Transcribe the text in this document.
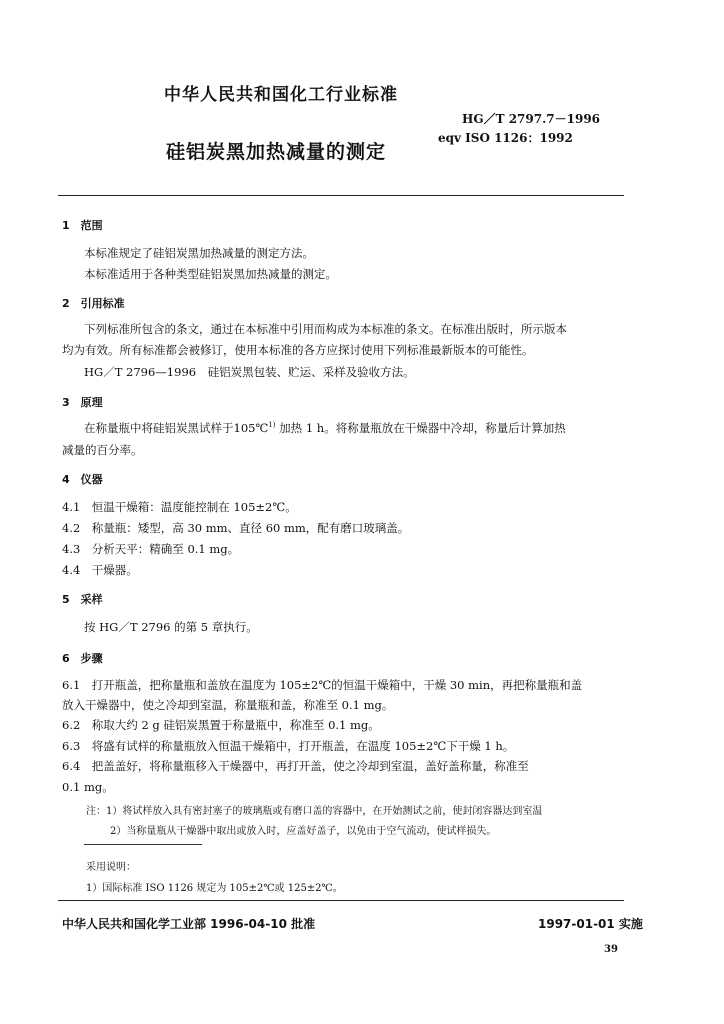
中华人民共和国化工行业标准
HG／T 2797.7－1996
eqv ISO 1126：1992
硅铝炭黑加热减量的测定
1　范围
本标准规定了硅铝炭黑加热减量的测定方法。
本标准适用于各种类型硅铝炭黑加热减量的测定。
2　引用标准
下列标准所包含的条文，通过在本标准中引用而构成为本标准的条文。在标准出版时，所示版本
均为有效。所有标准都会被修订，使用本标准的各方应探讨使用下列标准最新版本的可能性。
HG／T 2796—1996　硅铝炭黑包装、贮运、采样及验收方法。
3　原理
在称量瓶中将硅铝炭黑试样于105℃$^{1)}$ 加热 1 h。将称量瓶放在干燥器中冷却，称量后计算加热
减量的百分率。
4　仪器
4.1　恒温干燥箱：温度能控制在 105±2℃。
4.2　称量瓶：矮型，高 30 mm、直径 60 mm，配有磨口玻璃盖。
4.3　分析天平：精确至 0.1 mg。
4.4　干燥器。
5　采样
按 HG／T 2796 的第 5 章执行。
6　步骤
6.1　打开瓶盖，把称量瓶和盖放在温度为 105±2℃的恒温干燥箱中，干燥 30 min，再把称量瓶和盖
放入干燥器中，使之冷却到室温，称量瓶和盖，称准至 0.1 mg。
6.2　称取大约 2 g 硅铝炭黑置于称量瓶中，称准至 0.1 mg。
6.3　将盛有试样的称量瓶放入恒温干燥箱中，打开瓶盖，在温度 105±2℃下干燥 1 h。
6.4　把盖盖好，将称量瓶移入干燥器中，再打开盖，使之冷却到室温，盖好盖称量，称准至
0.1 mg。
注：1）将试样放入具有密封塞子的玻璃瓶或有磨口盖的容器中，在开始测试之前，使封闭容器达到室温
2）当称量瓶从干燥器中取出或放入时，应盖好盖子，以免由于空气流动，使试样损失。
采用说明：
1）国际标准 ISO 1126 规定为 105±2℃或 125±2℃。
中华人民共和国化学工业部 1996-04-10 批准	1997-01-01 实施
39
